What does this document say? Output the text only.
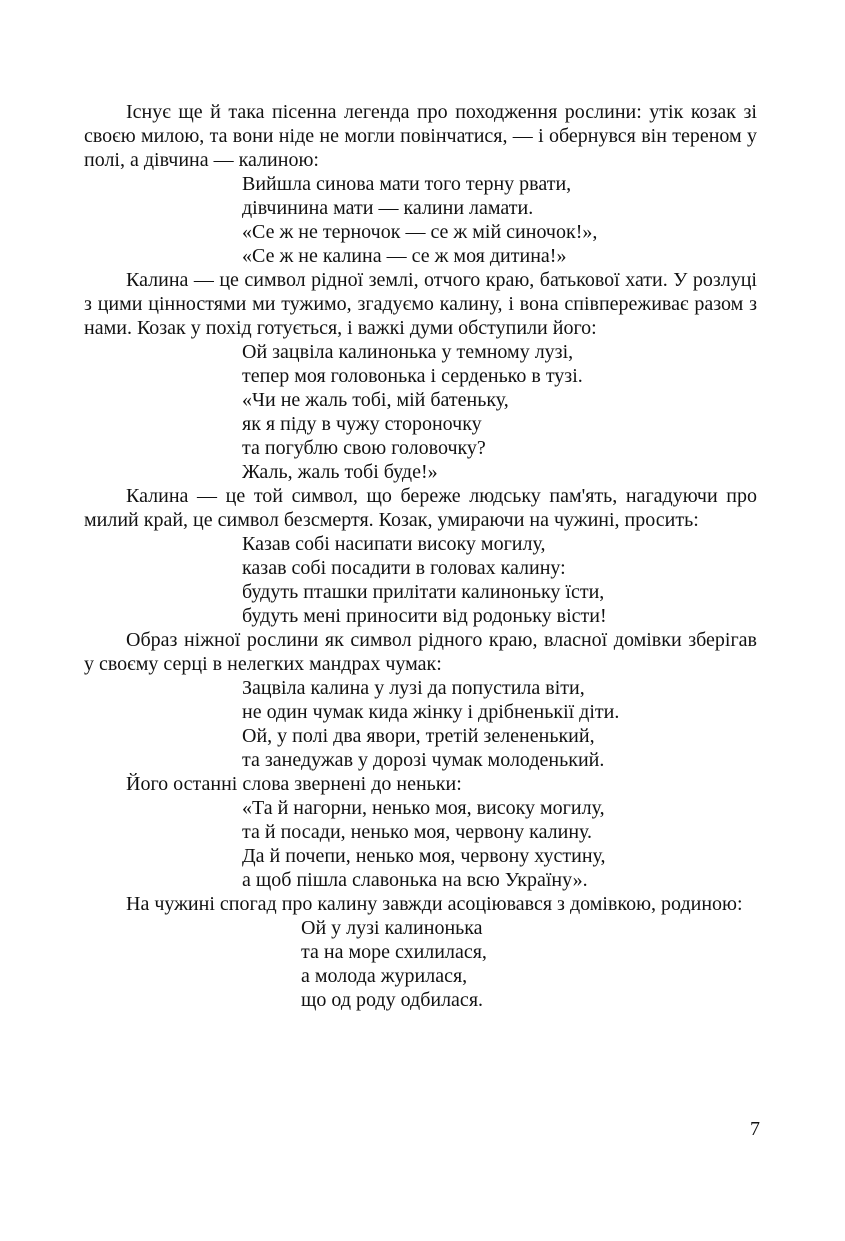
Існує ще й така пісенна легенда про походження рослини: утік козак зі своєю милою, та вони ніде не могли повінчатися, — і обернувся він тереном у полі, а дівчина — калиною:

Вийшла синова мати того терну рвати,
дівчинина мати — калини ламати.
«Се ж не терночок — се ж мій синочок!»,
«Се ж не калина — се ж моя дитина!»

Калина — це символ рідної землі, отчого краю, батькової хати. У розлуці з цими цінностями ми тужимо, згадуємо калину, і вона співпереживає разом з нами. Козак у похід готується, і важкі думи обступили його:

Ой зацвіла калинонька у темному лузі,
тепер моя головонька і серденько в тузі.
«Чи не жаль тобі, мій батеньку,
як я піду в чужу стороночку
та погублю свою головочку?
Жаль, жаль тобі буде!»

Калина — це той символ, що береже людську пам'ять, нагадуючи про милий край, це символ безсмертя. Козак, умираючи на чужині, просить:

Казав собі насипати високу могилу,
казав собі посадити в головах калину:
будуть пташки прилітати калиноньку їсти,
будуть мені приносити від родоньку вісти!

Образ ніжної рослини як символ рідного краю, власної домівки зберігав у своєму серці в нелегких мандрах чумак:

Зацвіла калина у лузі да попустила віти,
не один чумак кида жінку і дрібненькії діти.
Ой, у полі два явори, третій зелененький,
та занедужав у дорозі чумак молоденький.

Його останні слова звернені до неньки:

«Та й нагорни, ненько моя, високу могилу,
та й посади, ненько моя, червону калину.
Да й почепи, ненько моя, червону хустину,
а щоб пішла славонька на всю Україну».

На чужині спогад про калину завжди асоціювався з домівкою, родиною:

Ой у лузі калинонька
та на море схилилася,
а молода журилася,
що од роду одбилася.
7
